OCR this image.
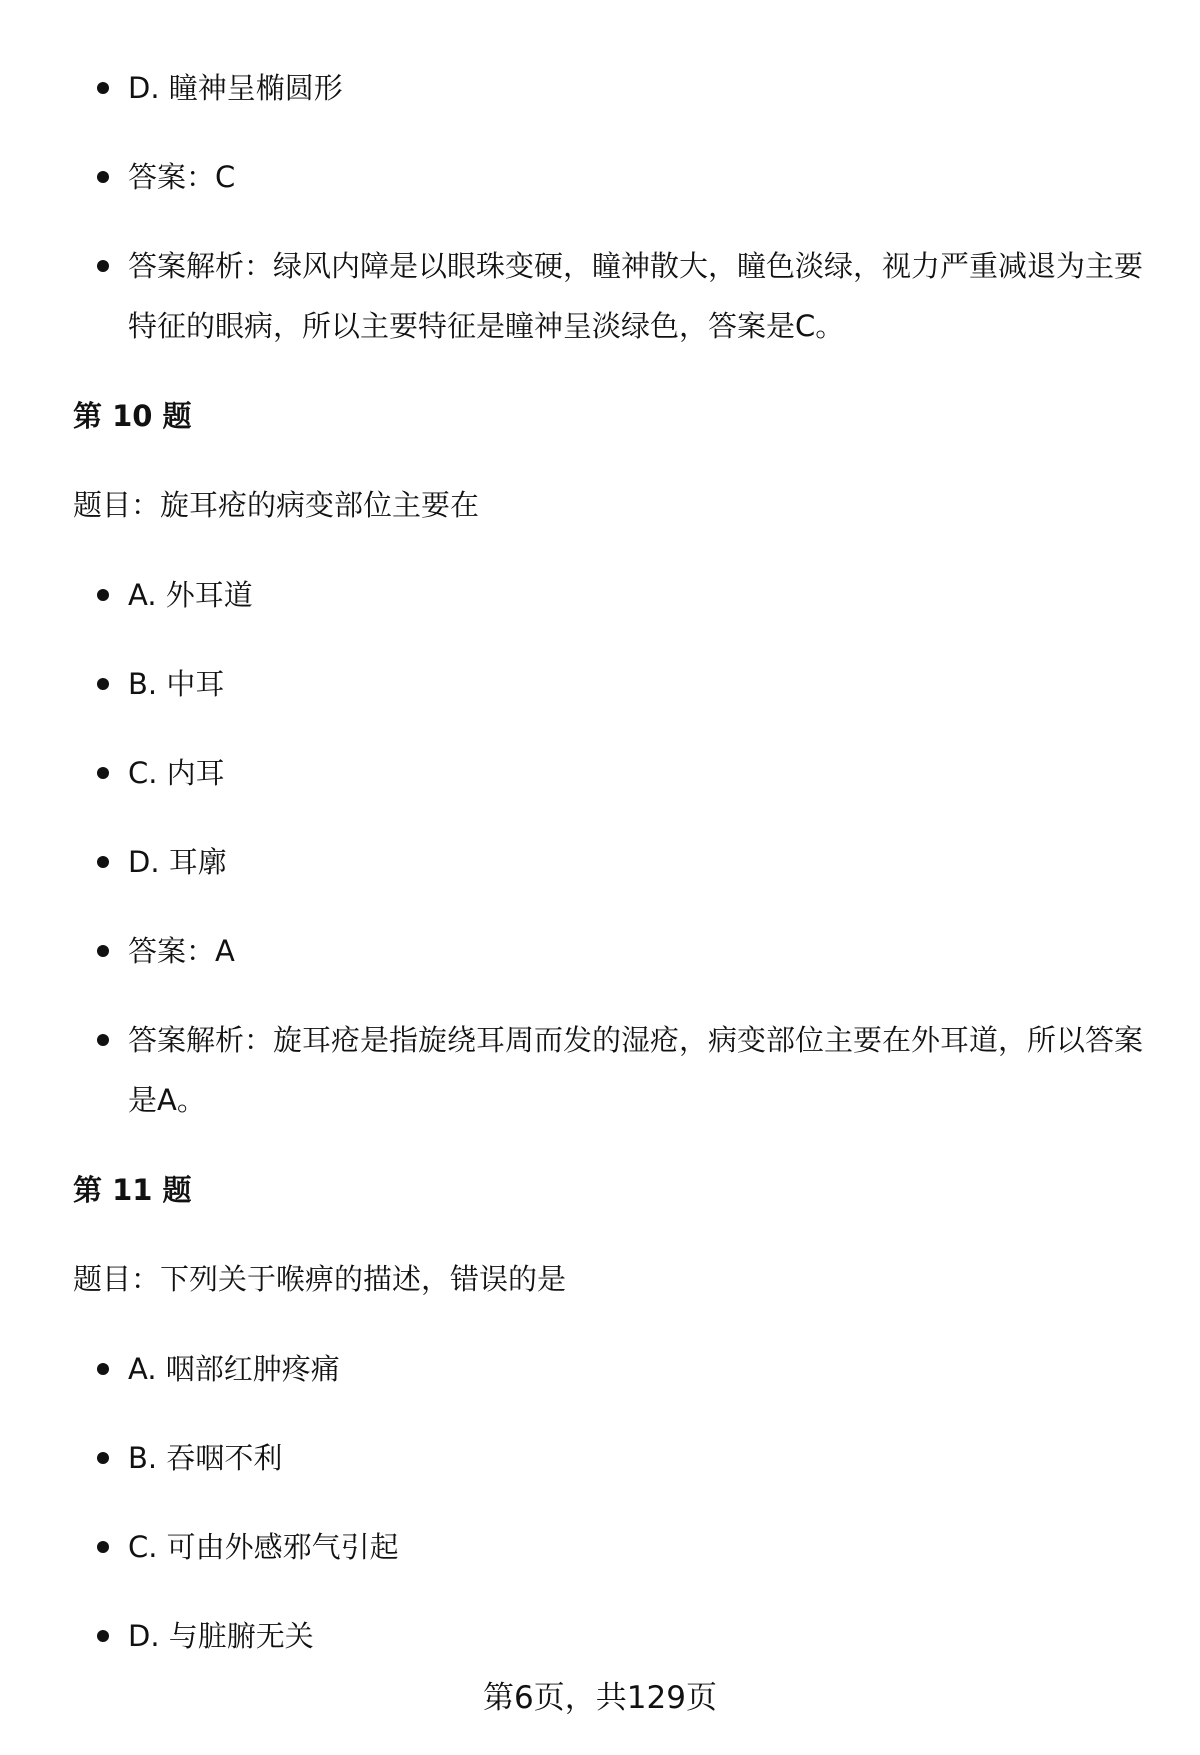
D. 瞳神呈椭圆形
答案：C
答案解析：绿风内障是以眼珠变硬，瞳神散大，瞳色淡绿，视力严重减退为主要特征的眼病，所以主要特征是瞳神呈淡绿色，答案是C。
第 10 题
题目：旋耳疮的病变部位主要在
A. 外耳道
B. 中耳
C. 内耳
D. 耳廓
答案：A
答案解析：旋耳疮是指旋绕耳周而发的湿疮，病变部位主要在外耳道，所以答案是A。
第 11 题
题目：下列关于喉痹的描述，错误的是
A. 咽部红肿疼痛
B. 吞咽不利
C. 可由外感邪气引起
D. 与脏腑无关
第6页，共129页
